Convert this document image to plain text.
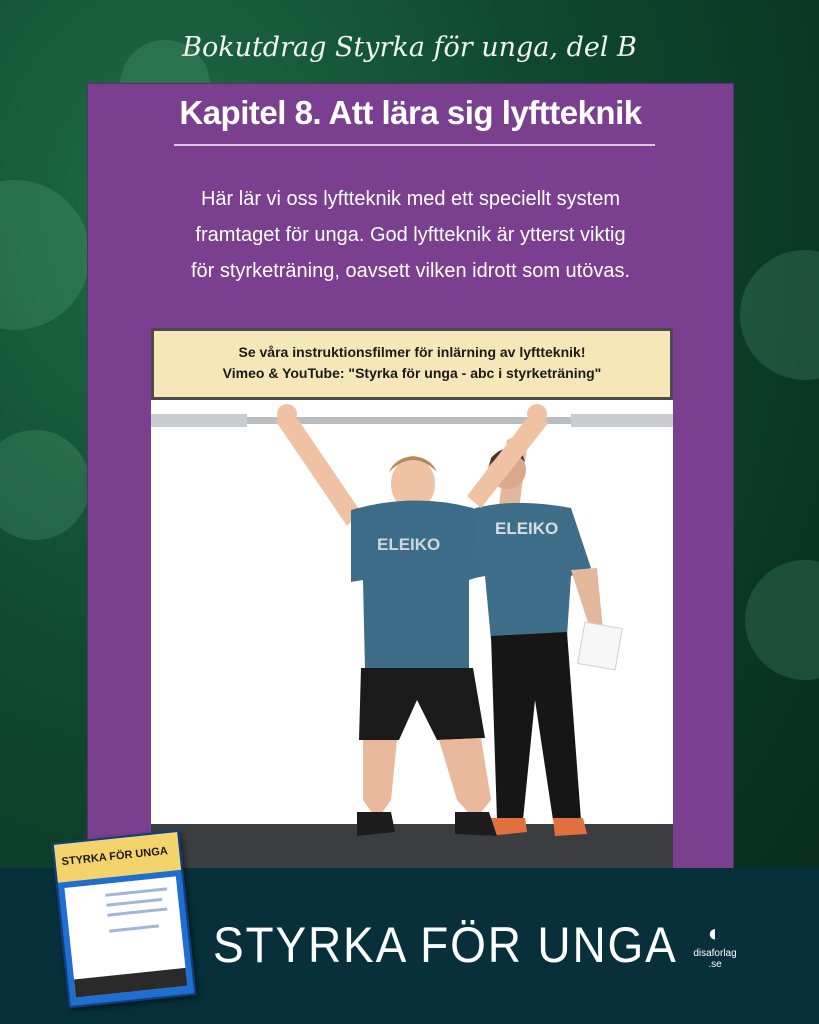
Bokutdrag Styrka för unga, del B
Kapitel 8. Att lära sig lyftteknik
Här lär vi oss lyftteknik med ett speciellt system
framtaget för unga. God lyftteknik är ytterst viktig
för styrketräning, oavsett vilken idrott som utövas.
Se våra instruktionsfilmer för inlärning av lyftteknik!
Vimeo & YouTube: "Styrka för unga - abc i styrketräning"
ELEIKO
ELEIKO
STYRKA FÖR UNGA	◐
disaforlag
.se
STYRKA FÖR UNGA
